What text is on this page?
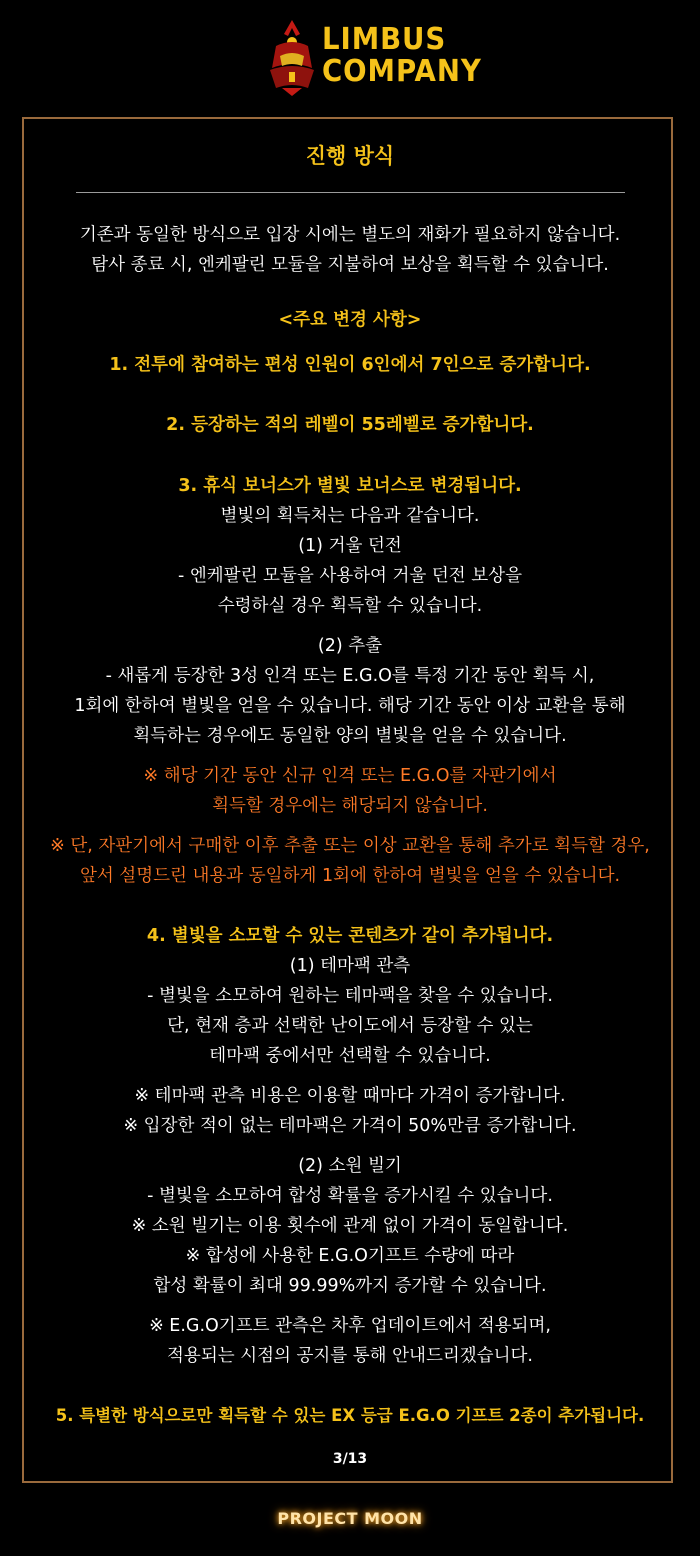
LIMBUS
COMPANY
진행 방식
기존과 동일한 방식으로 입장 시에는 별도의 재화가 필요하지 않습니다.
탐사 종료 시, 엔케팔린 모듈을 지불하여 보상을 획득할 수 있습니다.
<주요 변경 사항>
1. 전투에 참여하는 편성 인원이 6인에서 7인으로 증가합니다.
2. 등장하는 적의 레벨이 55레벨로 증가합니다.
3. 휴식 보너스가 별빛 보너스로 변경됩니다.
별빛의 획득처는 다음과 같습니다.
(1) 거울 던전
- 엔케팔린 모듈을 사용하여 거울 던전 보상을
수령하실 경우 획득할 수 있습니다.
(2) 추출
- 새롭게 등장한 3성 인격 또는 E.G.O를 특정 기간 동안 획득 시,
1회에 한하여 별빛을 얻을 수 있습니다. 해당 기간 동안 이상 교환을 통해
획득하는 경우에도 동일한 양의 별빛을 얻을 수 있습니다.
※ 해당 기간 동안 신규 인격 또는 E.G.O를 자판기에서
획득할 경우에는 해당되지 않습니다.
※ 단, 자판기에서 구매한 이후 추출 또는 이상 교환을 통해 추가로 획득할 경우,
앞서 설명드린 내용과 동일하게 1회에 한하여 별빛을 얻을 수 있습니다.
4. 별빛을 소모할 수 있는 콘텐츠가 같이 추가됩니다.
(1) 테마팩 관측
- 별빛을 소모하여 원하는 테마팩을 찾을 수 있습니다.
단, 현재 층과 선택한 난이도에서 등장할 수 있는
테마팩 중에서만 선택할 수 있습니다.
※ 테마팩 관측 비용은 이용할 때마다 가격이 증가합니다.
※ 입장한 적이 없는 테마팩은 가격이 50%만큼 증가합니다.
(2) 소원 빌기
- 별빛을 소모하여 합성 확률을 증가시킬 수 있습니다.
※ 소원 빌기는 이용 횟수에 관계 없이 가격이 동일합니다.
※ 합성에 사용한 E.G.O기프트 수량에 따라
합성 확률이 최대 99.99%까지 증가할 수 있습니다.
※ E.G.O기프트 관측은 차후 업데이트에서 적용되며,
적용되는 시점의 공지를 통해 안내드리겠습니다.
5. 특별한 방식으로만 획득할 수 있는 EX 등급 E.G.O 기프트 2종이 추가됩니다.
3/13
PROJECT MOON
